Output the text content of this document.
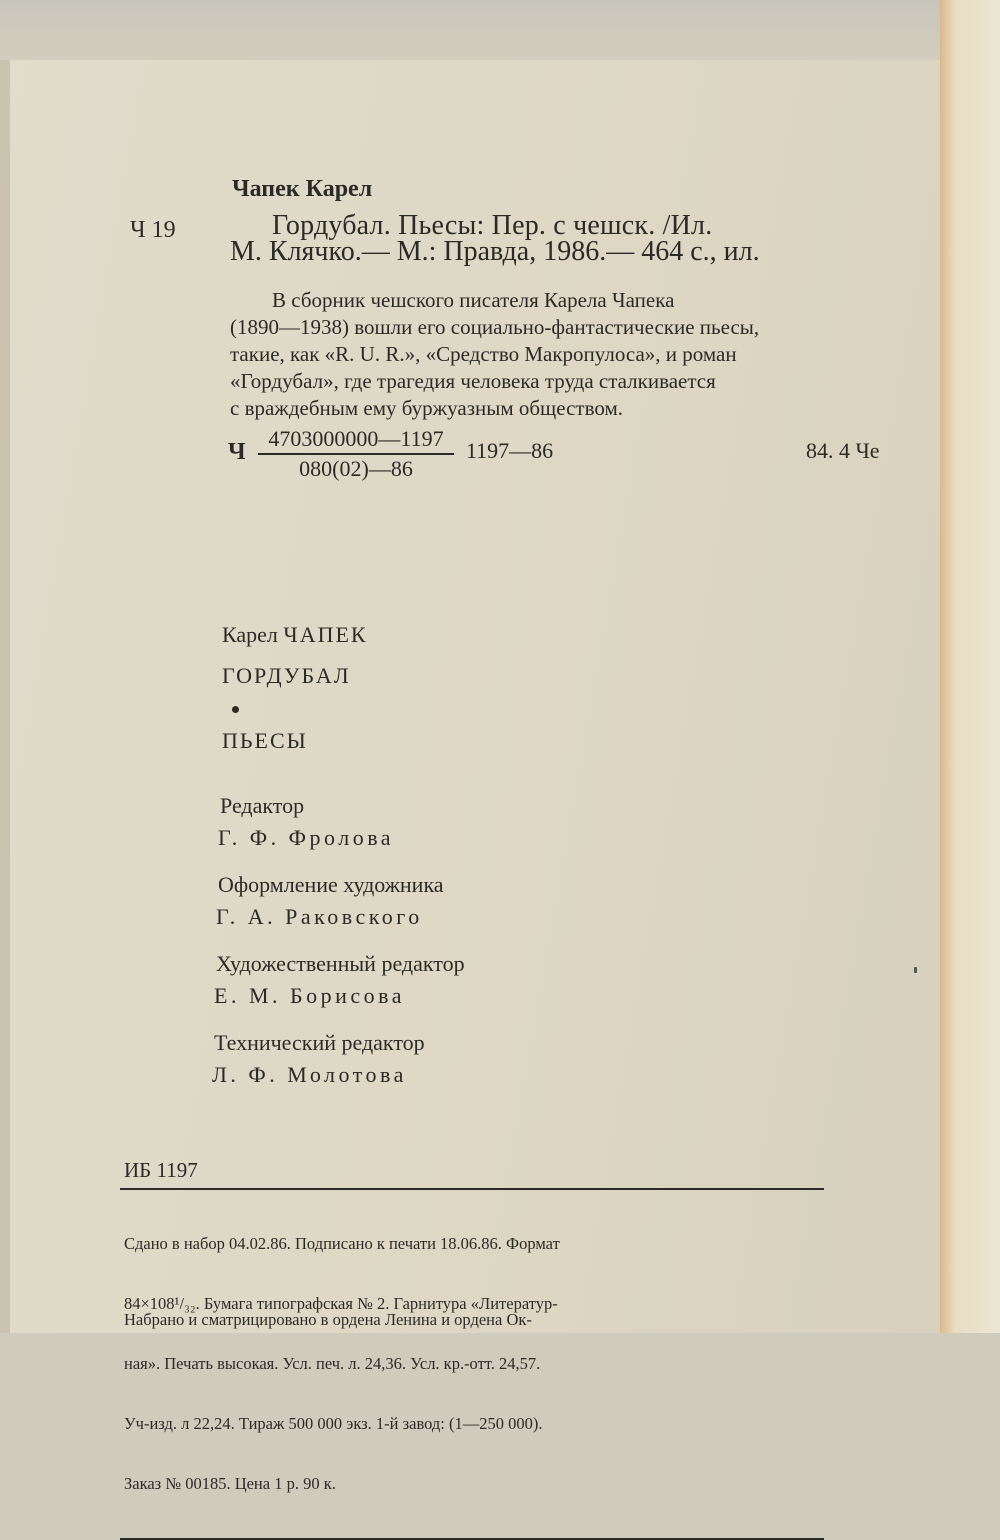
Чапек Карел
Ч 19	Гордубал. Пьесы: Пер. с чешск. /Ил.
М. Клячко.— М.: Правда, 1986.— 464 с., ил.
В сборник чешского писателя Карела Чапека
(1890—1938) вошли его социально-фантастические пьесы,
такие, как «R. U. R.», «Средство Макропулоса», и роман
«Гордубал», где трагедия человека труда сталкивается
с враждебным ему буржуазным обществом.
Ч $\frac{4703000000—1197}{080(02)—86}$ 1197—86	84. 4 Че
Карел ЧАПЕК
ГОРДУБАЛ
ПЬЕСЫ
Редактор
Г. Ф. Фролова
Оформление художника
Г. А. Раковского
Художественный редактор
Е. М. Борисова
Технический редактор
Л. Ф. Молотова
ИБ 1197

Сдано в набор 04.02.86. Подписано к печати 18.06.86. Формат

84×108¹/₃₂. Бумага типографская № 2. Гарнитура «Литератур-

ная». Печать высокая. Усл. печ. л. 24,36. Усл. кр.-отт. 24,57.

Уч-изд. л 22,24. Тираж 500 000 экз. 1-й завод: (1—250 000).

Заказ № 00185. Цена 1 р. 90 к.

Набрано и сматрицировано в ордена Ленина и ордена Ок-
